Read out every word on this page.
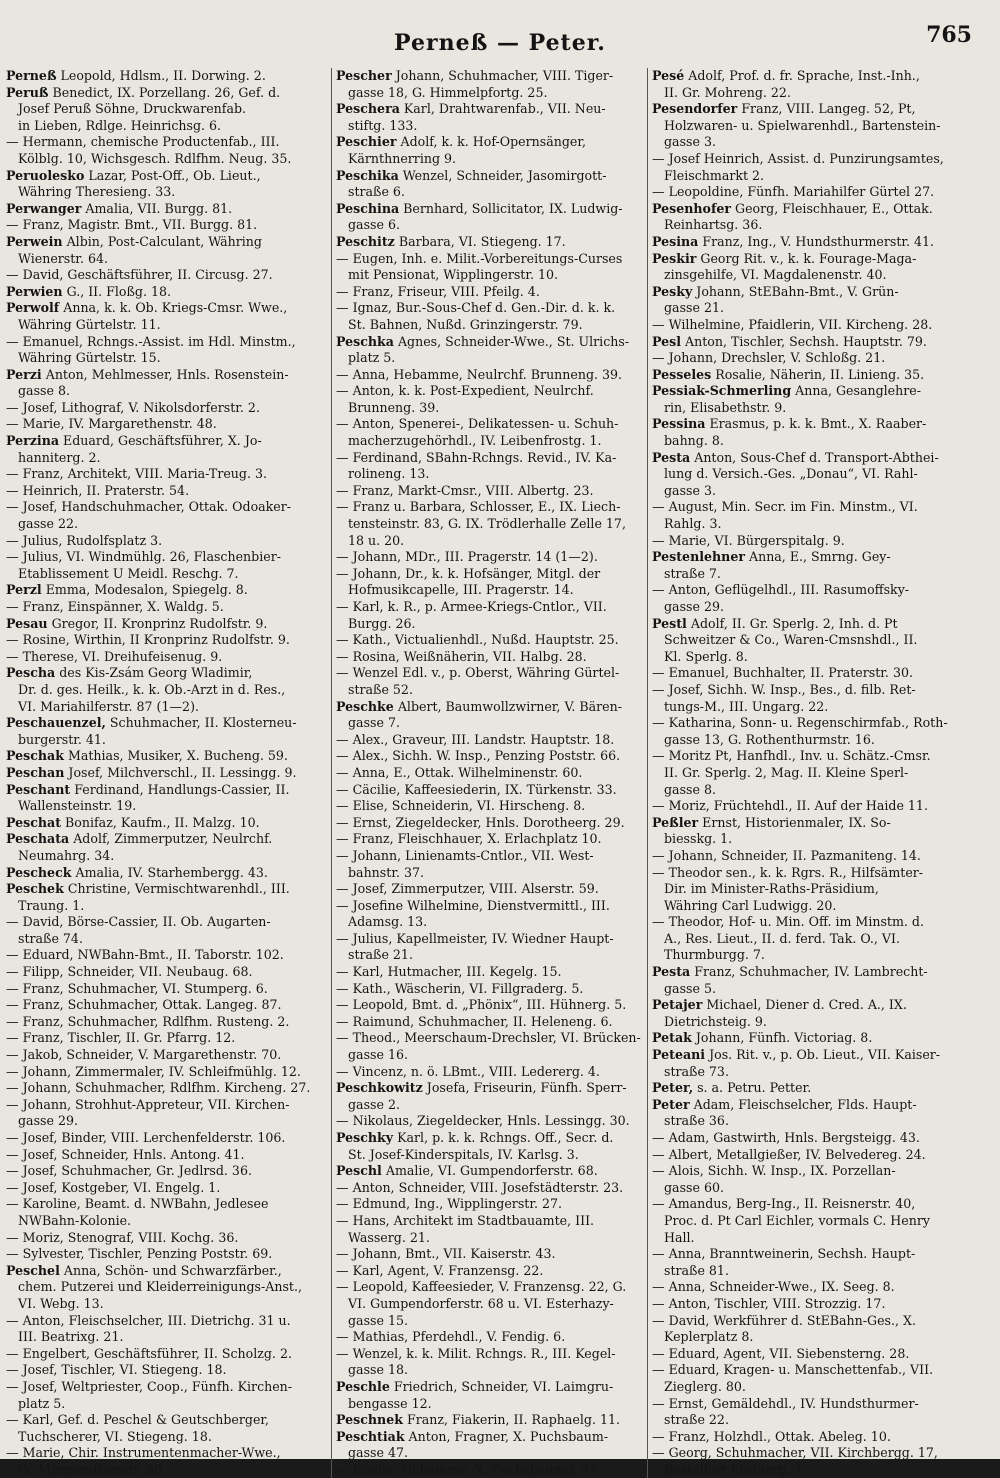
Perneß — Peter.	765
Perneß Leopold, Hdlsm., II. Dorwing. 2.
Peruß Benedict, IX. Porzellang. 26, Gef. d.
Josef Peruß Söhne, Druckwarenfab.
in Lieben, Rdlge. Heinrichsg. 6.
— Hermann, chemische Productenfab., III.
Kölblg. 10, Wichsgesch. Rdlfhm. Neug. 35.
Peruolesko Lazar, Post-Off., Ob. Lieut.,
Währing Theresieng. 33.
Perwanger Amalia, VII. Burgg. 81.
— Franz, Magistr. Bmt., VII. Burgg. 81.
Perwein Albin, Post-Calculant, Währing
Wienerstr. 64.
— David, Geschäftsführer, II. Circusg. 27.
Perwien G., II. Floßg. 18.
Perwolf Anna, k. k. Ob. Kriegs-Cmsr. Wwe.,
Währing Gürtelstr. 11.
— Emanuel, Rchngs.-Assist. im Hdl. Minstm.,
Währing Gürtelstr. 15.
Perzi Anton, Mehlmesser, Hnls. Rosenstein-
gasse 8.
— Josef, Lithograf, V. Nikolsdorferstr. 2.
— Marie, IV. Margarethenstr. 48.
Perzina Eduard, Geschäftsführer, X. Jo-
hanniterg. 2.
— Franz, Architekt, VIII. Maria-Treug. 3.
— Heinrich, II. Praterstr. 54.
— Josef, Handschuhmacher, Ottak. Odoaker-
gasse 22.
— Julius, Rudolfsplatz 3.
— Julius, VI. Windmühlg. 26, Flaschenbier-
Etablissement U Meidl. Reschg. 7.
Perzl Emma, Modesalon, Spiegelg. 8.
— Franz, Einspänner, X. Waldg. 5.
Pesau Gregor, II. Kronprinz Rudolfstr. 9.
— Rosine, Wirthin, II Kronprinz Rudolfstr. 9.
— Therese, VI. Dreihufeisenug. 9.
Pescha des Kis-Zsám Georg Wladimir,
Dr. d. ges. Heilk., k. k. Ob.-Arzt in d. Res.,
VI. Mariahilferstr. 87 (1—2).
Peschauenzel, Schuhmacher, II. Klosterneu-
burgerstr. 41.
Peschak Mathias, Musiker, X. Bucheng. 59.
Peschan Josef, Milchverschl., II. Lessingg. 9.
Peschant Ferdinand, Handlungs-Cassier, II.
Wallensteinstr. 19.
Peschat Bonifaz, Kaufm., II. Malzg. 10.
Peschata Adolf, Zimmerputzer, Neulrchf.
Neumahrg. 34.
Pescheck Amalia, IV. Starhembergg. 43.
Peschek Christine, Vermischtwarenhdl., III.
Traung. 1.
— David, Börse-Cassier, II. Ob. Augarten-
straße 74.
— Eduard, NWBahn-Bmt., II. Taborstr. 102.
— Filipp, Schneider, VII. Neubaug. 68.
— Franz, Schuhmacher, VI. Stumperg. 6.
— Franz, Schuhmacher, Ottak. Langeg. 87.
— Franz, Schuhmacher, Rdlfhm. Rusteng. 2.
— Franz, Tischler, II. Gr. Pfarrg. 12.
— Jakob, Schneider, V. Margarethenstr. 70.
— Johann, Zimmermaler, IV. Schleifmühlg. 12.
— Johann, Schuhmacher, Rdlfhm. Kircheng. 27.
— Johann, Strohhut-Appreteur, VII. Kirchen-
gasse 29.
— Josef, Binder, VIII. Lerchenfelderstr. 106.
— Josef, Schneider, Hnls. Antong. 41.
— Josef, Schuhmacher, Gr. Jedlrsd. 36.
— Josef, Kostgeber, VI. Engelg. 1.
— Karoline, Beamt. d. NWBahn, Jedlesee
NWBahn-Kolonie.
— Moriz, Stenograf, VIII. Kochg. 36.
— Sylvester, Tischler, Penzing Poststr. 69.
Peschel Anna, Schön- und Schwarzfärber.,
chem. Putzerei und Kleiderreinigungs-Anst.,
VI. Webg. 13.
— Anton, Fleischselcher, III. Dietrichg. 31 u.
III. Beatrixg. 21.
— Engelbert, Geschäftsführer, II. Scholzg. 2.
— Josef, Tischler, VI. Stiegeng. 18.
— Josef, Weltpriester, Coop., Fünfh. Kirchen-
platz 5.
— Karl, Gef. d. Peschel & Geutschberger,
Tuchscherer, VI. Stiegeng. 18.
— Marie, Chir. Instrumentenmacher-Wwe.,
IV. Margarethenstr. 38.
Pescher Johann, Schuhmacher, VIII. Tiger-
gasse 18, G. Himmelpfortg. 25.
Peschera Karl, Drahtwarenfab., VII. Neu-
stiftg. 133.
Peschier Adolf, k. k. Hof-Opernsänger,
Kärnthnerring 9.
Peschika Wenzel, Schneider, Jasomirgott-
straße 6.
Peschina Bernhard, Sollicitator, IX. Ludwig-
gasse 6.
Peschitz Barbara, VI. Stiegeng. 17.
— Eugen, Inh. e. Milit.-Vorbereitungs-Curses
mit Pensionat, Wipplingerstr. 10.
— Franz, Friseur, VIII. Pfeilg. 4.
— Ignaz, Bur.-Sous-Chef d. Gen.-Dir. d. k. k.
St. Bahnen, Nußd. Grinzingerstr. 79.
Peschka Agnes, Schneider-Wwe., St. Ulrichs-
platz 5.
— Anna, Hebamme, Neulrchf. Brunneng. 39.
— Anton, k. k. Post-Expedient, Neulrchf.
Brunneng. 39.
— Anton, Spenerei-, Delikatessen- u. Schuh-
macherzugehörhdl., IV. Leibenfrostg. 1.
— Ferdinand, SBahn-Rchngs. Revid., IV. Ka-
rolineng. 13.
— Franz, Markt-Cmsr., VIII. Albertg. 23.
— Franz u. Barbara, Schlosser, E., IX. Liech-
tensteinstr. 83, G. IX. Trödlerhalle Zelle 17,
18 u. 20.
— Johann, MDr., III. Pragerstr. 14 (1—2).
— Johann, Dr., k. k. Hofsänger, Mitgl. der
Hofmusikcapelle, III. Pragerstr. 14.
— Karl, k. R., p. Armee-Kriegs-Cntlor., VII.
Burgg. 26.
— Kath., Victualienhdl., Nußd. Hauptstr. 25.
— Rosina, Weißnäherin, VII. Halbg. 28.
— Wenzel Edl. v., p. Oberst, Währing Gürtel-
straße 52.
Peschke Albert, Baumwollzwirner, V. Bären-
gasse 7.
— Alex., Graveur, III. Landstr. Hauptstr. 18.
— Alex., Sichh. W. Insp., Penzing Poststr. 66.
— Anna, E., Ottak. Wilhelminenstr. 60.
— Cäcilie, Kaffeesiederin, IX. Türkenstr. 33.
— Elise, Schneiderin, VI. Hirscheng. 8.
— Ernst, Ziegeldecker, Hnls. Dorotheerg. 29.
— Franz, Fleischhauer, X. Erlachplatz 10.
— Johann, Linienamts-Cntlor., VII. West-
bahnstr. 37.
— Josef, Zimmerputzer, VIII. Alserstr. 59.
— Josefine Wilhelmine, Dienstvermittl., III.
Adamsg. 13.
— Julius, Kapellmeister, IV. Wiedner Haupt-
straße 21.
— Karl, Hutmacher, III. Kegelg. 15.
— Kath., Wäscherin, VI. Fillgraderg. 5.
— Leopold, Bmt. d. „Phönix“, III. Hühnerg. 5.
— Raimund, Schuhmacher, II. Heleneng. 6.
— Theod., Meerschaum-Drechsler, VI. Brücken-
gasse 16.
— Vincenz, n. ö. LBmt., VIII. Ledererg. 4.
Peschkowitz Josefa, Friseurin, Fünfh. Sperr-
gasse 2.
— Nikolaus, Ziegeldecker, Hnls. Lessingg. 30.
Peschky Karl, p. k. k. Rchngs. Off., Secr. d.
St. Josef-Kinderspitals, IV. Karlsg. 3.
Peschl Amalie, VI. Gumpendorferstr. 68.
— Anton, Schneider, VIII. Josefstädterstr. 23.
— Edmund, Ing., Wipplingerstr. 27.
— Hans, Architekt im Stadtbauamte, III.
Wasserg. 21.
— Johann, Bmt., VII. Kaiserstr. 43.
— Karl, Agent, V. Franzensg. 22.
— Leopold, Kaffeesieder, V. Franzensg. 22, G.
VI. Gumpendorferstr. 68 u. VI. Esterhazy-
gasse 15.
— Mathias, Pferdehdl., V. Fendig. 6.
— Wenzel, k. k. Milit. Rchngs. R., III. Kegel-
gasse 18.
Peschle Friedrich, Schneider, VI. Laimgru-
bengasse 12.
Peschnek Franz, Fiakerin, II. Raphaelg. 11.
Peschtiak Anton, Fragner, X. Puchsbaum-
gasse 47.
— Emilie, Hebamme, X. Puchsbaumg. 47.
Pesé Adolf, Prof. d. fr. Sprache, Inst.-Inh.,
II. Gr. Mohreng. 22.
Pesendorfer Franz, VIII. Langeg. 52, Pt,
Holzwaren- u. Spielwarenhdl., Bartenstein-
gasse 3.
— Josef Heinrich, Assist. d. Punzirungsamtes,
Fleischmarkt 2.
— Leopoldine, Fünfh. Mariahilfer Gürtel 27.
Pesenhofer Georg, Fleischhauer, E., Ottak.
Reinhartsg. 36.
Pesina Franz, Ing., V. Hundsthurmerstr. 41.
Peskir Georg Rit. v., k. k. Fourage-Maga-
zinsgehilfe, VI. Magdalenenstr. 40.
Pesky Johann, StEBahn-Bmt., V. Grün-
gasse 21.
— Wilhelmine, Pfaidlerin, VII. Kircheng. 28.
Pesl Anton, Tischler, Sechsh. Hauptstr. 79.
— Johann, Drechsler, V. Schloßg. 21.
Pesseles Rosalie, Näherin, II. Linieng. 35.
Pessiak-Schmerling Anna, Gesanglehre-
rin, Elisabethstr. 9.
Pessina Erasmus, p. k. k. Bmt., X. Raaber-
bahng. 8.
Pesta Anton, Sous-Chef d. Transport-Abthei-
lung d. Versich.-Ges. „Donau“, VI. Rahl-
gasse 3.
— August, Min. Secr. im Fin. Minstm., VI.
Rahlg. 3.
— Marie, VI. Bürgerspitalg. 9.
Pestenlehner Anna, E., Smrng. Gey-
straße 7.
— Anton, Geflügelhdl., III. Rasumoffsky-
gasse 29.
Pestl Adolf, II. Gr. Sperlg. 2, Inh. d. Pt
Schweitzer & Co., Waren-Cmsnshdl., II.
Kl. Sperlg. 8.
— Emanuel, Buchhalter, II. Praterstr. 30.
— Josef, Sichh. W. Insp., Bes., d. filb. Ret-
tungs-M., III. Ungarg. 22.
— Katharina, Sonn- u. Regenschirmfab., Roth-
gasse 13, G. Rothenthurmstr. 16.
— Moritz Pt, Hanfhdl., Inv. u. Schätz.-Cmsr.
II. Gr. Sperlg. 2, Mag. II. Kleine Sperl-
gasse 8.
— Moriz, Früchtehdl., II. Auf der Haide 11.
Peßler Ernst, Historienmaler, IX. So-
biesskg. 1.
— Johann, Schneider, II. Pazmaniteng. 14.
— Theodor sen., k. k. Rgrs. R., Hilfsämter-
Dir. im Minister-Raths-Präsidium,
Währing Carl Ludwigg. 20.
— Theodor, Hof- u. Min. Off. im Minstm. d.
A., Res. Lieut., II. d. ferd. Tak. O., VI.
Thurmburgg. 7.
Pesta Franz, Schuhmacher, IV. Lambrecht-
gasse 5.
Petajer Michael, Diener d. Cred. A., IX.
Dietrichsteig. 9.
Petak Johann, Fünfh. Victoriag. 8.
Peteani Jos. Rit. v., p. Ob. Lieut., VII. Kaiser-
straße 73.
Peter, s. a. Petru. Petter.
Peter Adam, Fleischselcher, Flds. Haupt-
straße 36.
— Adam, Gastwirth, Hnls. Bergsteigg. 43.
— Albert, Metallgießer, IV. Belvedereg. 24.
— Alois, Sichh. W. Insp., IX. Porzellan-
gasse 60.
— Amandus, Berg-Ing., II. Reisnerstr. 40,
Proc. d. Pt Carl Eichler, vormals C. Henry
Hall.
— Anna, Branntweinerin, Sechsh. Haupt-
straße 81.
— Anna, Schneider-Wwe., IX. Seeg. 8.
— Anton, Tischler, VIII. Strozzig. 17.
— David, Werkführer d. StEBahn-Ges., X.
Keplerplatz 8.
— Eduard, Agent, VII. Siebensterng. 28.
— Eduard, Kragen- u. Manschettenfab., VII.
Zieglerg. 80.
— Ernst, Gemäldehdl., IV. Hundsthurmer-
straße 22.
— Franz, Holzhdl., Ottak. Abeleg. 10.
— Georg, Schuhmacher, VII. Kirchbergg. 17,
Bestellort Körblerg. 1.
